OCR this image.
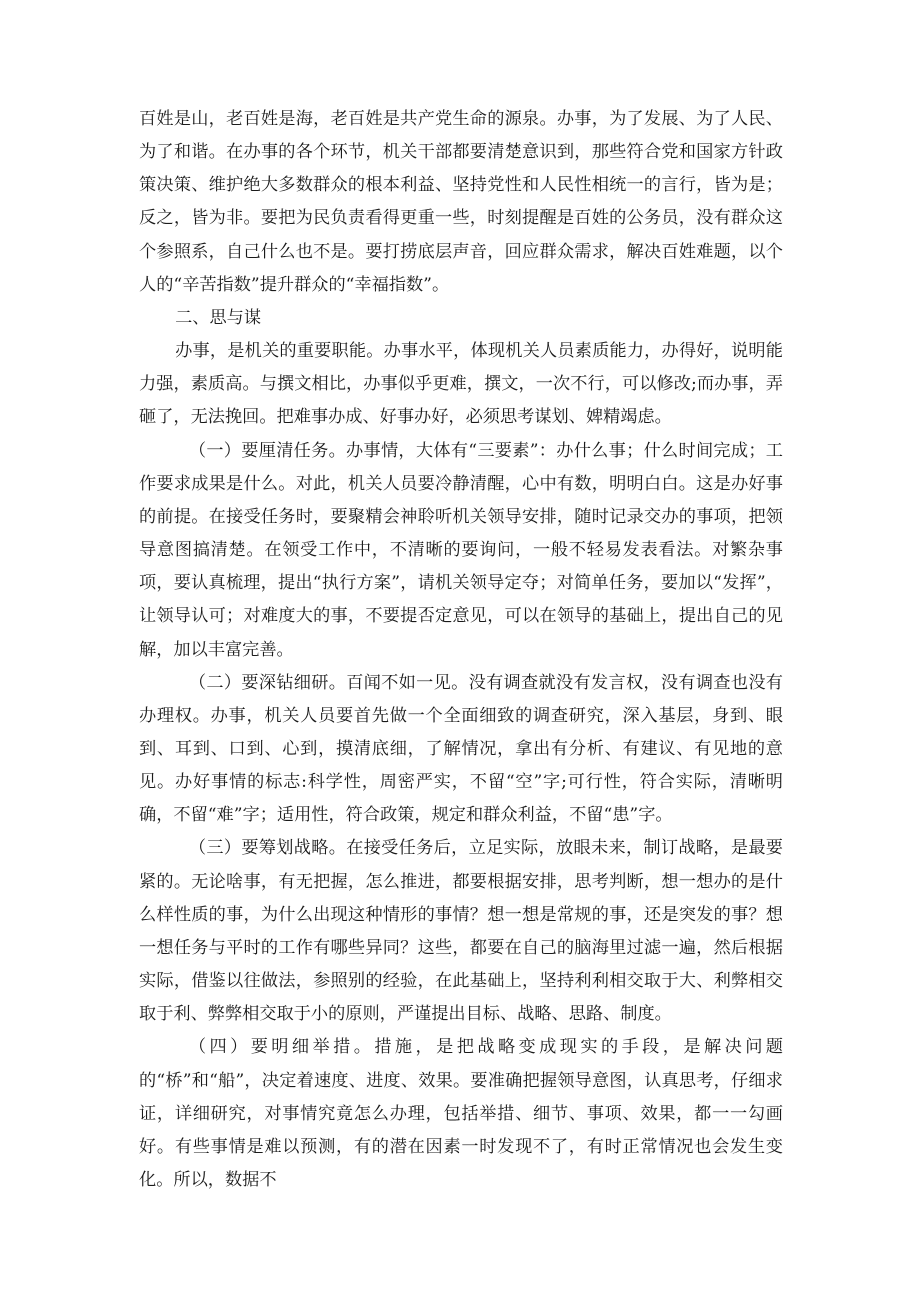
百姓是山，老百姓是海，老百姓是共产党生命的源泉。办事，为了发展、为了人民、为了和谐。在办事的各个环节，机关干部都要清楚意识到，那些符合党和国家方针政策决策、维护绝大多数群众的根本利益、坚持党性和人民性相统一的言行，皆为是；反之，皆为非。要把为民负责看得更重一些，时刻提醒是百姓的公务员，没有群众这个参照系，自己什么也不是。要打捞底层声音，回应群众需求，解决百姓难题，以个人的“辛苦指数”提升群众的“幸福指数”。

二、思与谋

办事，是机关的重要职能。办事水平，体现机关人员素质能力，办得好，说明能力强，素质高。与撰文相比，办事似乎更难，撰文，一次不行，可以修改;而办事，弄砸了，无法挽回。把难事办成、好事办好，必须思考谋划、婢精竭虑。

（一）要厘清任务。办事情，大体有“三要素”：办什么事；什么时间完成；工作要求成果是什么。对此，机关人员要冷静清醒，心中有数，明明白白。这是办好事的前提。在接受任务时，要聚精会神聆听机关领导安排，随时记录交办的事项，把领导意图搞清楚。在领受工作中，不清晰的要询问，一般不轻易发表看法。对繁杂事项，要认真梳理，提出“执行方案”，请机关领导定夺；对简单任务，要加以“发挥”，让领导认可；对难度大的事，不要提否定意见，可以在领导的基础上，提出自己的见解，加以丰富完善。

（二）要深钻细研。百闻不如一见。没有调查就没有发言权，没有调查也没有办理权。办事，机关人员要首先做一个全面细致的调查研究，深入基层，身到、眼到、耳到、口到、心到，摸清底细，了解情况，拿出有分析、有建议、有见地的意见。办好事情的标志:科学性，周密严实，不留“空”字;可行性，符合实际，清晰明确，不留“难”字；适用性，符合政策，规定和群众利益，不留“患”字。

（三）要筹划战略。在接受任务后，立足实际，放眼未来，制订战略，是最要紧的。无论啥事，有无把握，怎么推进，都要根据安排，思考判断，想一想办的是什么样性质的事，为什么出现这种情形的事情？想一想是常规的事，还是突发的事？想一想任务与平时的工作有哪些异同？这些，都要在自己的脑海里过滤一遍，然后根据实际，借鉴以往做法，参照别的经验，在此基础上，坚持利利相交取于大、利弊相交取于利、弊弊相交取于小的原则，严谨提出目标、战略、思路、制度。

（四）要明细举措。措施，是把战略变成现实的手段，是解决问题的“桥”和“船”，决定着速度、进度、效果。要准确把握领导意图，认真思考，仔细求证，详细研究，对事情究竟怎么办理，包括举措、细节、事项、效果，都一一勾画好。有些事情是难以预测，有的潜在因素一时发现不了，有时正常情况也会发生变化。所以，数据不
